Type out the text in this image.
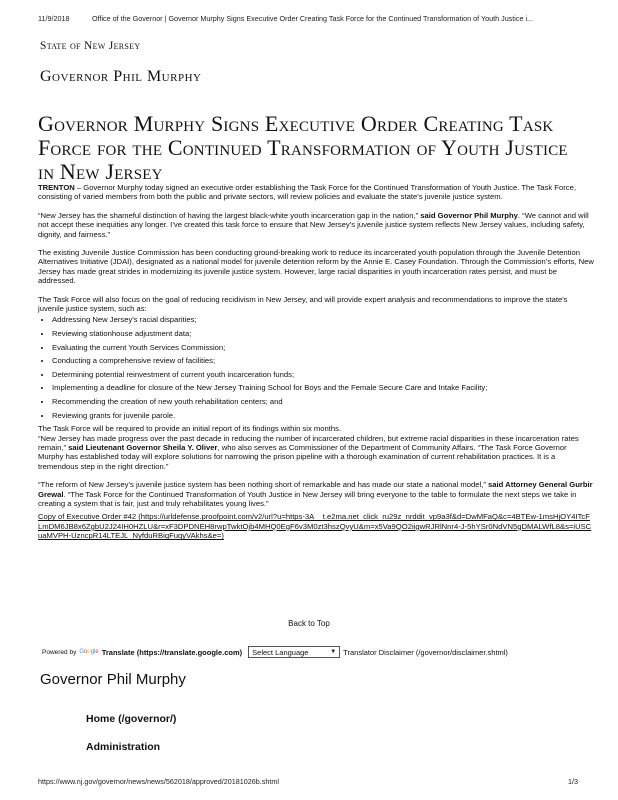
11/9/2018	Office of the Governor | Governor Murphy Signs Executive Order Creating Task Force for the Continued Transformation of Youth Justice i...
State of New Jersey
Governor Phil Murphy
Governor Murphy Signs Executive Order Creating Task Force for the Continued Transformation of Youth Justice in New Jersey

TRENTON – Governor Murphy today signed an executive order establishing the Task Force for the Continued Transformation of Youth Justice. The Task Force, consisting of varied members from both the public and private sectors, will review policies and evaluate the state's juvenile justice system.

“New Jersey has the shameful distinction of having the largest black-white youth incarceration gap in the nation,” said Governor Phil Murphy. “We cannot and will not accept these inequities any longer. I’ve created this task force to ensure that New Jersey's juvenile justice system reflects New Jersey values, including safety, dignity, and fairness.”

The existing Juvenile Justice Commission has been conducting ground-breaking work to reduce its incarcerated youth population through the Juvenile Detention Alternatives Initiative (JDAI), designated as a national model for juvenile detention reform by the Annie E. Casey Foundation. Through the Commission’s efforts, New Jersey has made great strides in modernizing its juvenile justice system. However, large racial disparities in youth incarceration rates persist, and must be addressed.

The Task Force will also focus on the goal of reducing recidivism in New Jersey, and will provide expert analysis and recommendations to improve the state's juvenile justice system, such as:

• Addressing New Jersey's racial disparities;
• Reviewing stationhouse adjustment data;
• Evaluating the current Youth Services Commission;
• Conducting a comprehensive review of facilities;
• Determining potential reinvestment of current youth incarceration funds;
• Implementing a deadline for closure of the New Jersey Training School for Boys and the Female Secure Care and Intake Facility;
• Recommending the creation of new youth rehabilitation centers; and
• Reviewing grants for juvenile parole.

The Task Force will be required to provide an initial report of its findings within six months.
“New Jersey has made progress over the past decade in reducing the number of incarcerated children, but extreme racial disparities in these incarceration rates remain,” said Lieutenant Governor Sheila Y. Oliver, who also serves as Commissioner of the Department of Community Affairs. “The Task Force Governor Murphy has established today will explore solutions for narrowing the prison pipeline with a thorough examination of current rehabilitation practices. It is a tremendous step in the right direction.”

“The reform of New Jersey’s juvenile justice system has been nothing short of remarkable and has made our state a national model,” said Attorney General Gurbir Grewal. “The Task Force for the Continued Transformation of Youth Justice in New Jersey will bring everyone to the table to formulate the next steps we take in creating a system that is fair, just and truly rehabilitates young lives.”

Copy of Executive Order #42 (https://urldefense.proofpoint.com/v2/url?u=https-3A__t.e2ma.net_click_ru29z_nrddit_vp9a3f&d=DwMFaQ&c=4BTEw-1msHjOY4ITcFLmDM6JB8x6ZgbU2J24IH0HZLU&r=xF3DPDNEH8rwpTwktOjb4MHQ0EgF6v3M0zt3hszQvyU&m=x5Va9QO2iigwRJRlNnr4-J-5hYSr0NdVN5gDMALWfL8&s=iUSCuaMVPH-UzncpR14LTEJL_NyfduRBigFuqyVAkhs&e=)
Back to Top
Powered by Google Translate (https://translate.google.com) Select Language	▼ Translator Disclaimer (/governor/disclaimer.shtml)
Governor Phil Murphy
Home (/governor/)
Administration
https://www.nj.gov/governor/news/news/562018/approved/20181026b.shtml	1/3
